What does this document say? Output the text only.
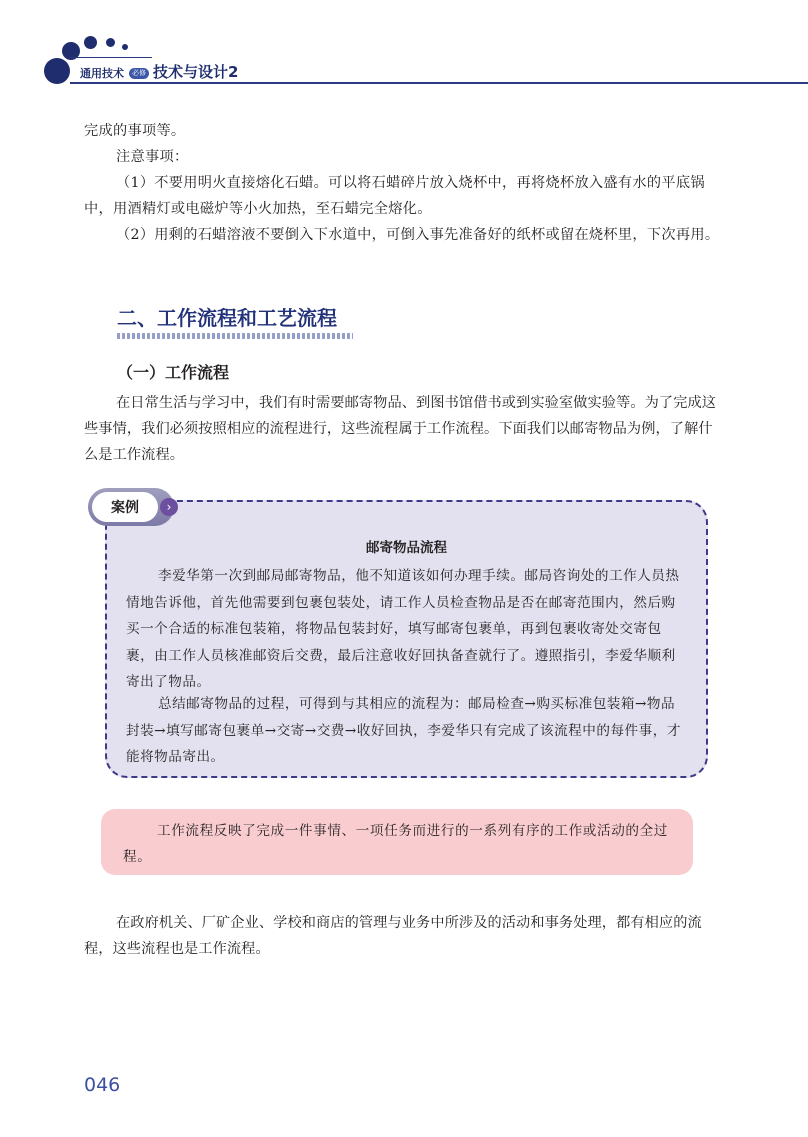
通用技术	必修 技术与设计2

完成的事项等。

注意事项：

（1）不要用明火直接熔化石蜡。可以将石蜡碎片放入烧杯中，再将烧杯放入盛有水的平底锅中，用酒精灯或电磁炉等小火加热，至石蜡完全熔化。

（2）用剩的石蜡溶液不要倒入下水道中，可倒入事先准备好的纸杯或留在烧杯里，下次再用。

二、工作流程和工艺流程
（一）工作流程

在日常生活与学习中，我们有时需要邮寄物品、到图书馆借书或到实验室做实验等。为了完成这些事情，我们必须按照相应的流程进行，这些流程属于工作流程。下面我们以邮寄物品为例，了解什么是工作流程。

案例	›
邮寄物品流程

李爱华第一次到邮局邮寄物品，他不知道该如何办理手续。邮局咨询处的工作人员热情地告诉他，首先他需要到包裹包装处，请工作人员检查物品是否在邮寄范围内，然后购买一个合适的标准包装箱，将物品包装封好，填写邮寄包裹单，再到包裹收寄处交寄包裹，由工作人员核准邮资后交费，最后注意收好回执备查就行了。遵照指引，李爱华顺利寄出了物品。

总结邮寄物品的过程，可得到与其相应的流程为：邮局检查→购买标准包装箱→物品封装→填写邮寄包裹单→交寄→交费→收好回执，李爱华只有完成了该流程中的每件事，才能将物品寄出。

工作流程反映了完成一件事情、一项任务而进行的一系列有序的工作或活动的全过程。

在政府机关、厂矿企业、学校和商店的管理与业务中所涉及的活动和事务处理，都有相应的流程，这些流程也是工作流程。

046
